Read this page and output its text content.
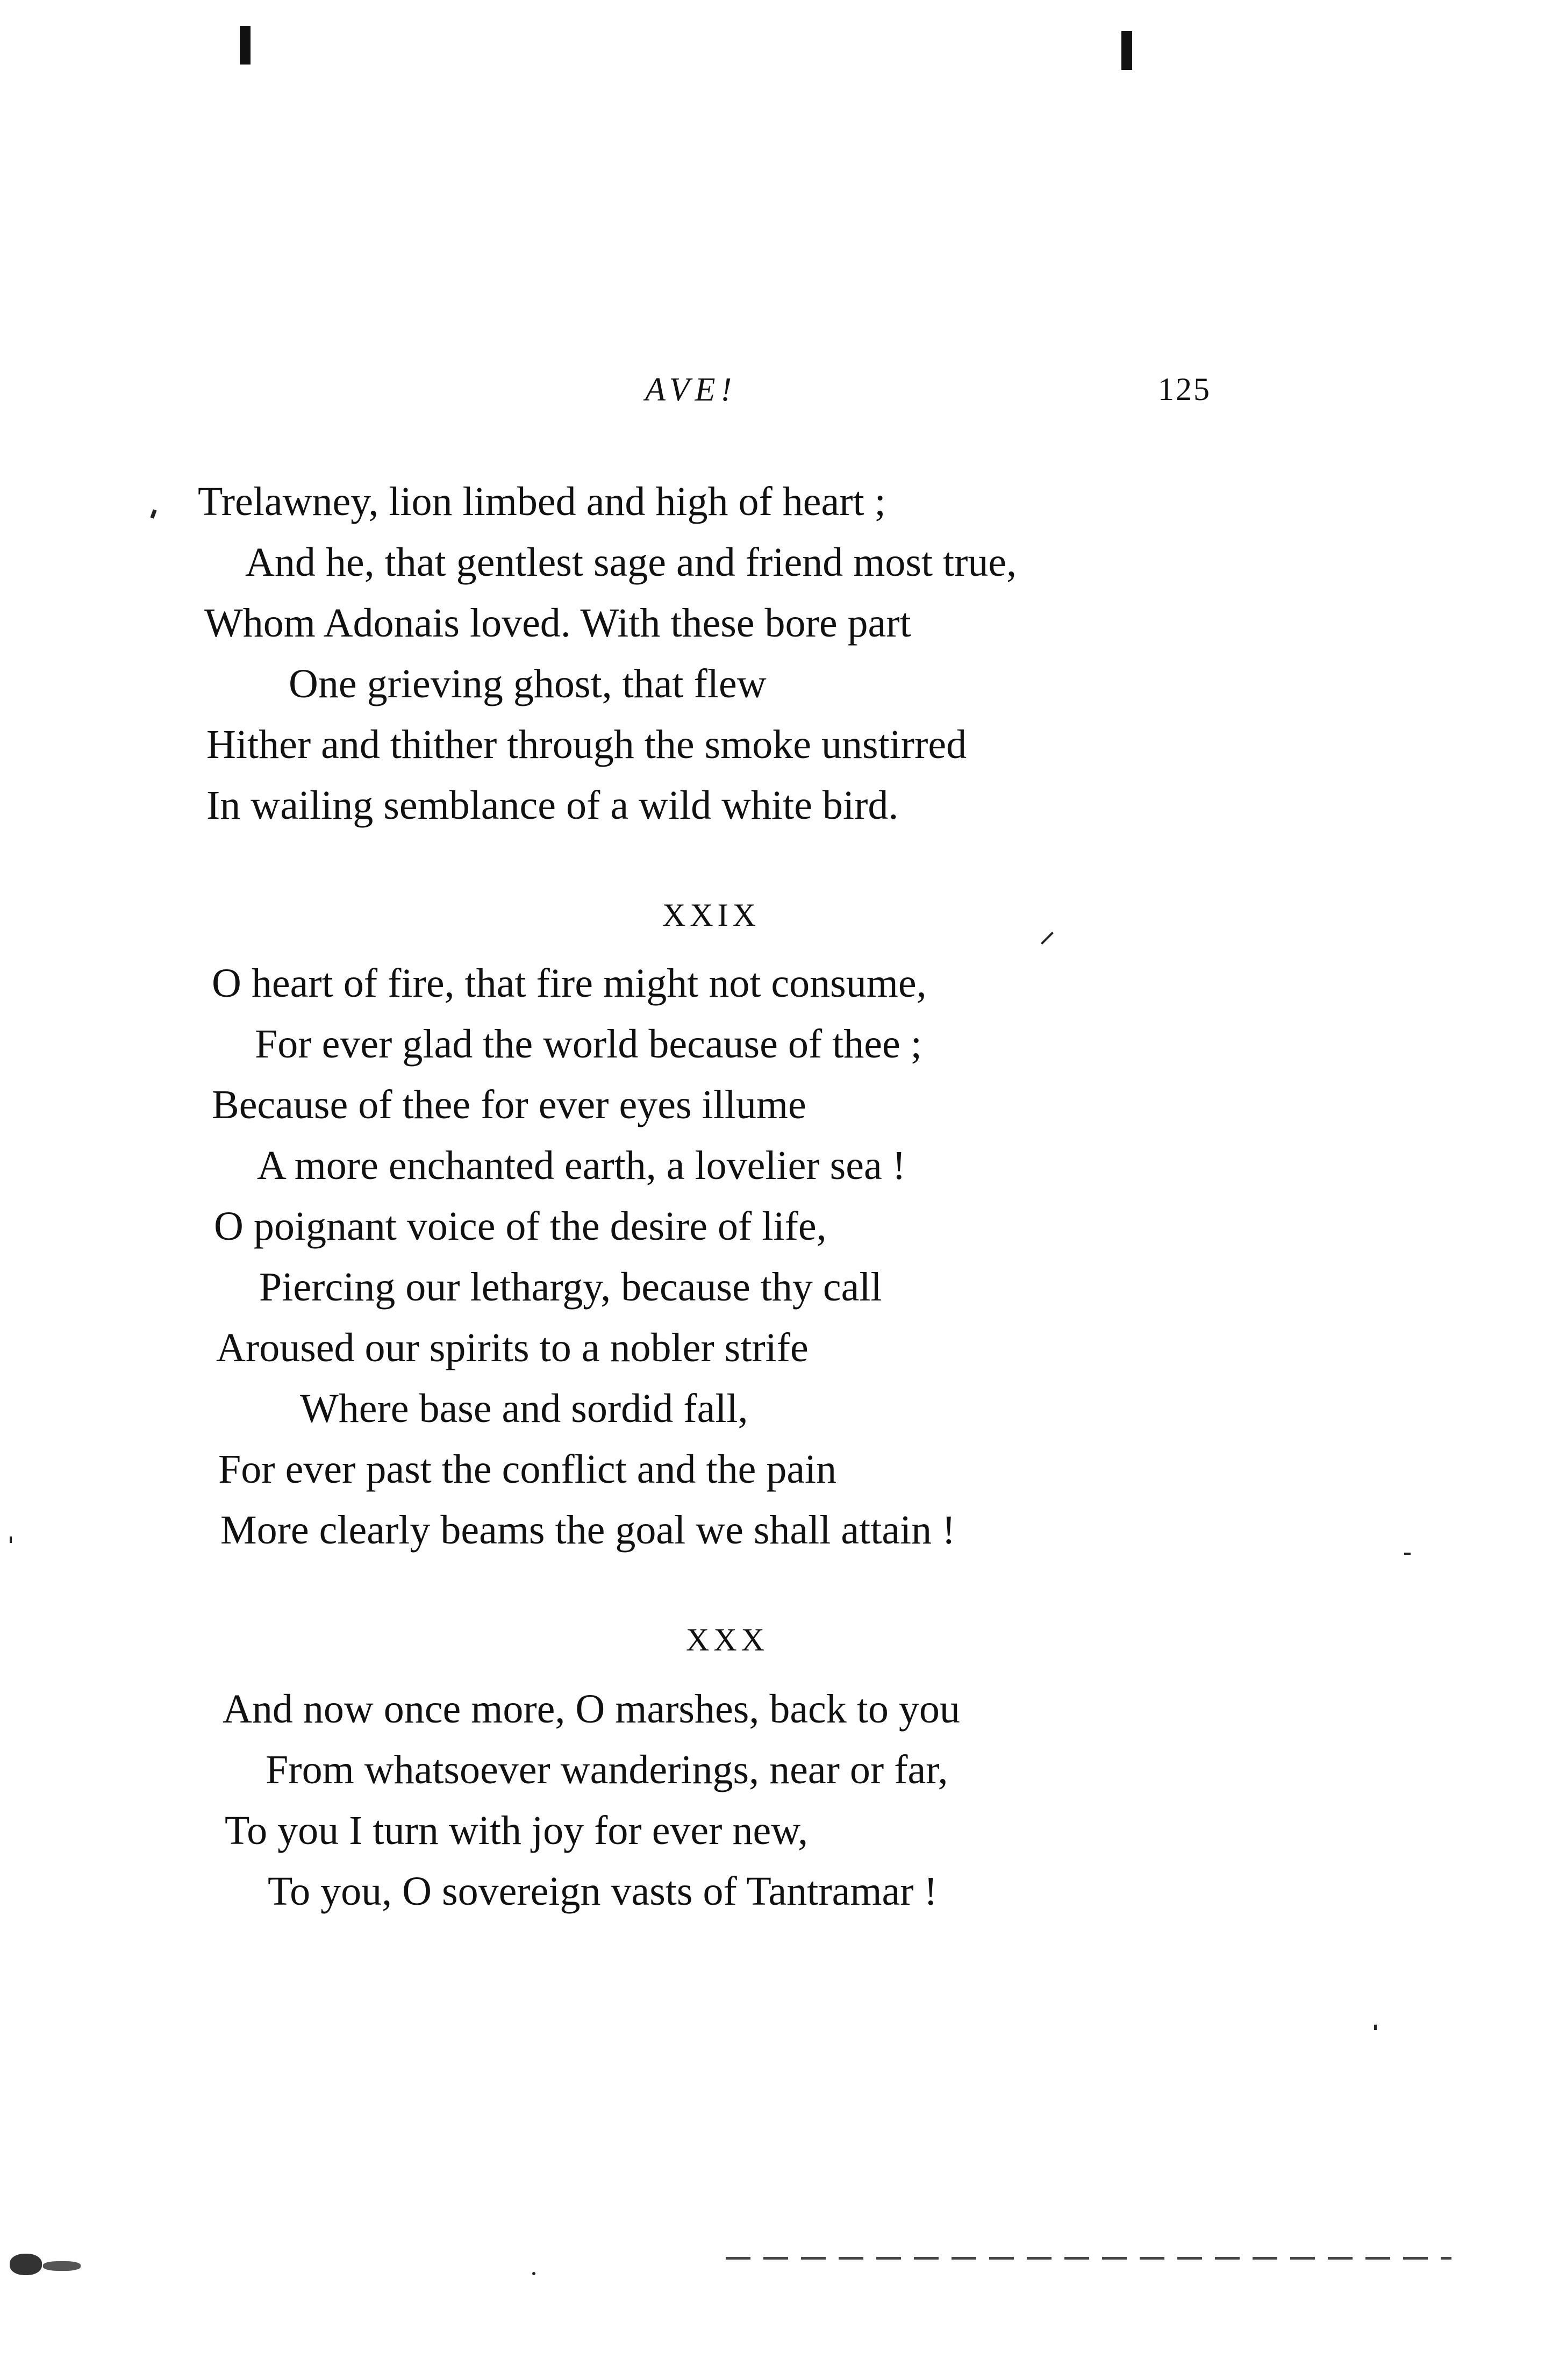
AVE!	125
Trelawney, lion limbed and high of heart ;
And he, that gentlest sage and friend most true,
Whom Adonais loved. With these bore part
One grieving ghost, that flew
Hither and thither through the smoke unstirred
In wailing semblance of a wild white bird.
XXIX
O heart of fire, that fire might not consume,
For ever glad the world because of thee ;
Because of thee for ever eyes illume
A more enchanted earth, a lovelier sea !
O poignant voice of the desire of life,
Piercing our lethargy, because thy call
Aroused our spirits to a nobler strife
Where base and sordid fall,
For ever past the conflict and the pain
More clearly beams the goal we shall attain !
XXX
And now once more, O marshes, back to you
From whatsoever wanderings, near or far,
To you I turn with joy for ever new,
To you, O sovereign vasts of Tantramar !
